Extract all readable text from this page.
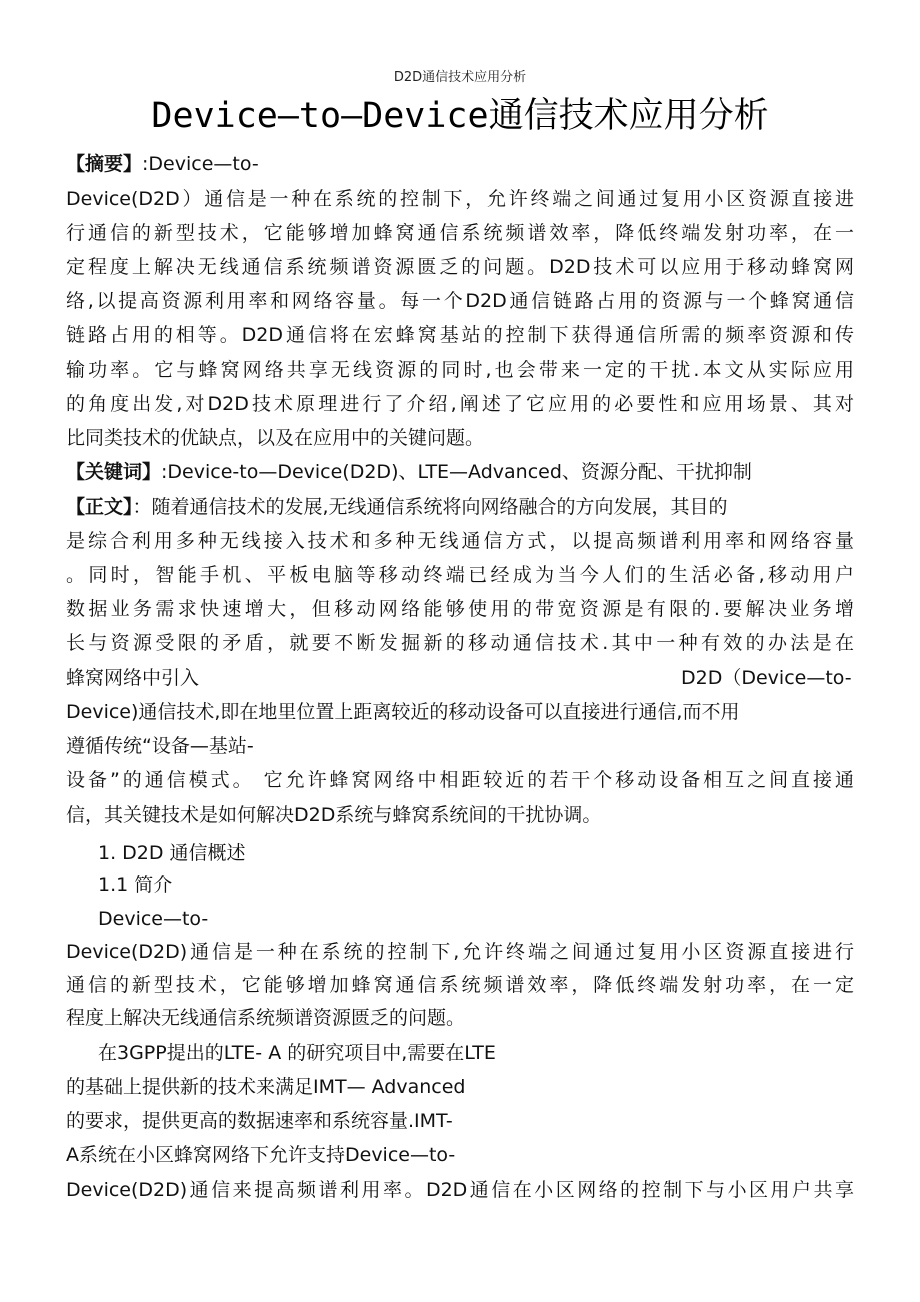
D2D通信技术应用分析
Device—to—Device通信技术应用分析
【摘要】:Device—to-
Device(D2D）通信是一种在系统的控制下，允许终端之间通过复用小区资源直接进
行通信的新型技术，它能够增加蜂窝通信系统频谱效率，降低终端发射功率，在一
定程度上解决无线通信系统频谱资源匮乏的问题。D2D技术可以应用于移动蜂窝网
络,以提高资源利用率和网络容量。每一个D2D通信链路占用的资源与一个蜂窝通信
链路占用的相等。D2D通信将在宏蜂窝基站的控制下获得通信所需的频率资源和传
输功率。它与蜂窝网络共享无线资源的同时,也会带来一定的干扰.本文从实际应用
的角度出发,对D2D技术原理进行了介绍,阐述了它应用的必要性和应用场景、其对
比同类技术的优缺点，以及在应用中的关键问题。
【关键词】:Device-to—Device(D2D)、LTE—Advanced、资源分配、干扰抑制
【正文】：随着通信技术的发展,无线通信系统将向网络融合的方向发展，其目的
是综合利用多种无线接入技术和多种无线通信方式，以提高频谱利用率和网络容量
。同时，智能手机、平板电脑等移动终端已经成为当今人们的生活必备,移动用户
数据业务需求快速增大，但移动网络能够使用的带宽资源是有限的.要解决业务增
长与资源受限的矛盾，就要不断发掘新的移动通信技术.其中一种有效的办法是在
蜂窝网络中引入	D2D（Device—to-
Device)通信技术,即在地里位置上距离较近的移动设备可以直接进行通信,而不用
遵循传统“设备—基站-
设备”的通信模式。 它允许蜂窝网络中相距较近的若干个移动设备相互之间直接通
信，其关键技术是如何解决D2D系统与蜂窝系统间的干扰协调。
1. D2D 通信概述
1.1 简介
Device—to-
Device(D2D)通信是一种在系统的控制下,允许终端之间通过复用小区资源直接进行
通信的新型技术，它能够增加蜂窝通信系统频谱效率，降低终端发射功率，在一定
程度上解决无线通信系统频谱资源匮乏的问题。
在3GPP提出的LTE- A 的研究项目中,需要在LTE
的基础上提供新的技术来满足IMT— Advanced
的要求，提供更高的数据速率和系统容量.IMT-
A系统在小区蜂窝网络下允许支持Device—to-
Device(D2D)通信来提高频谱利用率。D2D通信在小区网络的控制下与小区用户共享
